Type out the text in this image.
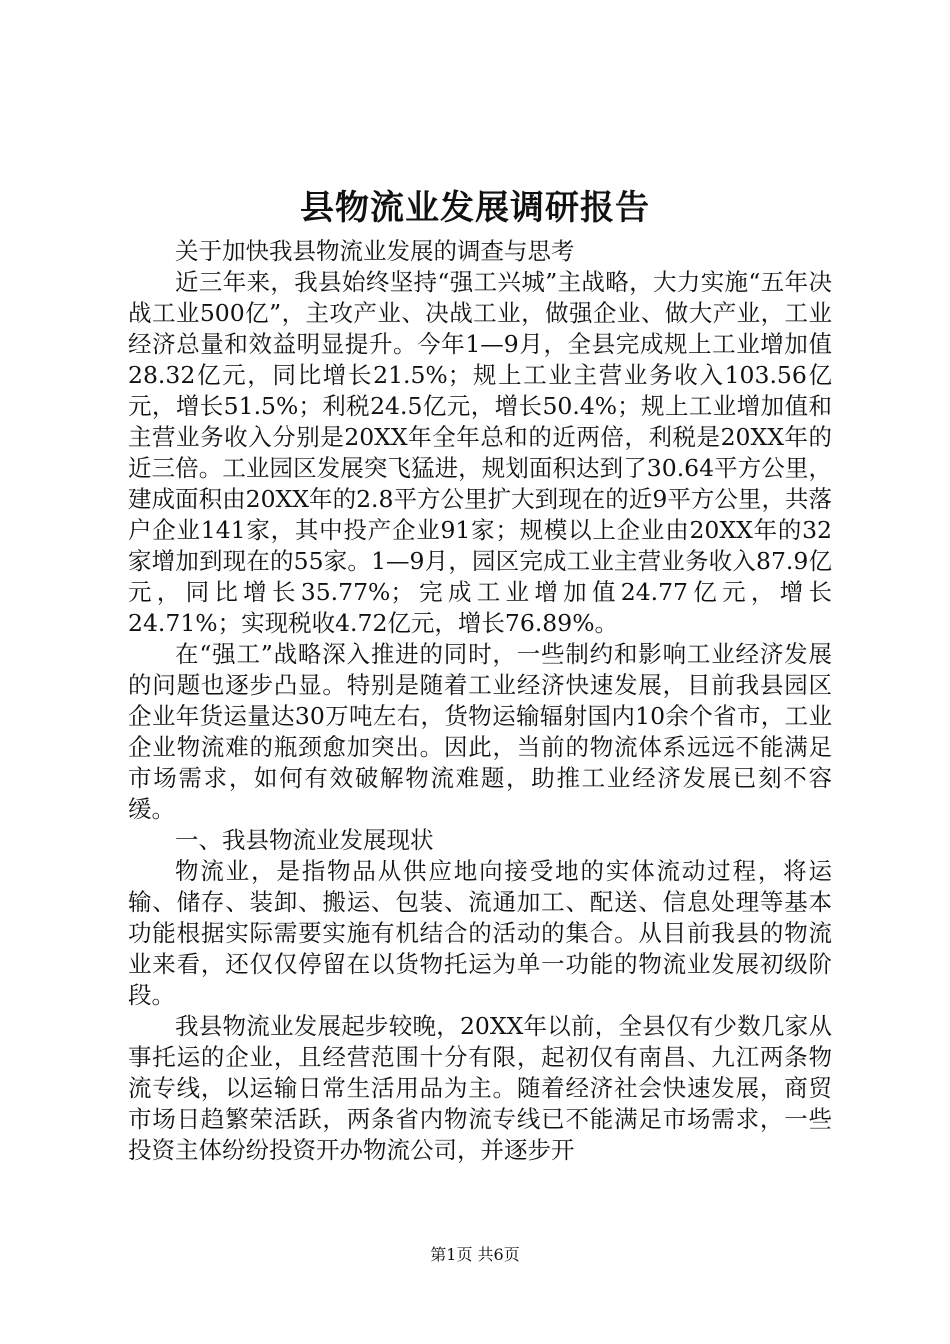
县物流业发展调研报告

关于加快我县物流业发展的调查与思考

近三年来，我县始终坚持“强工兴城”主战略，大力实施“五年决战工业500亿”，主攻产业、决战工业，做强企业、做大产业，工业经济总量和效益明显提升。今年1—9月，全县完成规上工业增加值28.32亿元，同比增长21.5%；规上工业主营业务收入103.56亿元，增长51.5%；利税24.5亿元，增长50.4%；规上工业增加值和主营业务收入分别是20XX年全年总和的近两倍，利税是20XX年的近三倍。工业园区发展突飞猛进，规划面积达到了30.64平方公里，建成面积由20XX年的2.8平方公里扩大到现在的近9平方公里，共落户企业141家，其中投产企业91家；规模以上企业由20XX年的32家增加到现在的55家。1—9月，园区完成工业主营业务收入87.9亿元，同比增长35.77%；完成工业增加值24.77亿元，增长24.71%；实现税收4.72亿元，增长76.89%。

在“强工”战略深入推进的同时，一些制约和影响工业经济发展的问题也逐步凸显。特别是随着工业经济快速发展，目前我县园区企业年货运量达30万吨左右，货物运输辐射国内10余个省市，工业企业物流难的瓶颈愈加突出。因此，当前的物流体系远远不能满足市场需求，如何有效破解物流难题，助推工业经济发展已刻不容缓。

一、我县物流业发展现状

物流业，是指物品从供应地向接受地的实体流动过程，将运输、储存、装卸、搬运、包装、流通加工、配送、信息处理等基本功能根据实际需要实施有机结合的活动的集合。从目前我县的物流业来看，还仅仅停留在以货物托运为单一功能的物流业发展初级阶段。

我县物流业发展起步较晚，20XX年以前，全县仅有少数几家从事托运的企业，且经营范围十分有限，起初仅有南昌、九江两条物流专线，以运输日常生活用品为主。随着经济社会快速发展，商贸市场日趋繁荣活跃，两条省内物流专线已不能满足市场需求，一些投资主体纷纷投资开办物流公司，并逐步开

第1页 共6页
